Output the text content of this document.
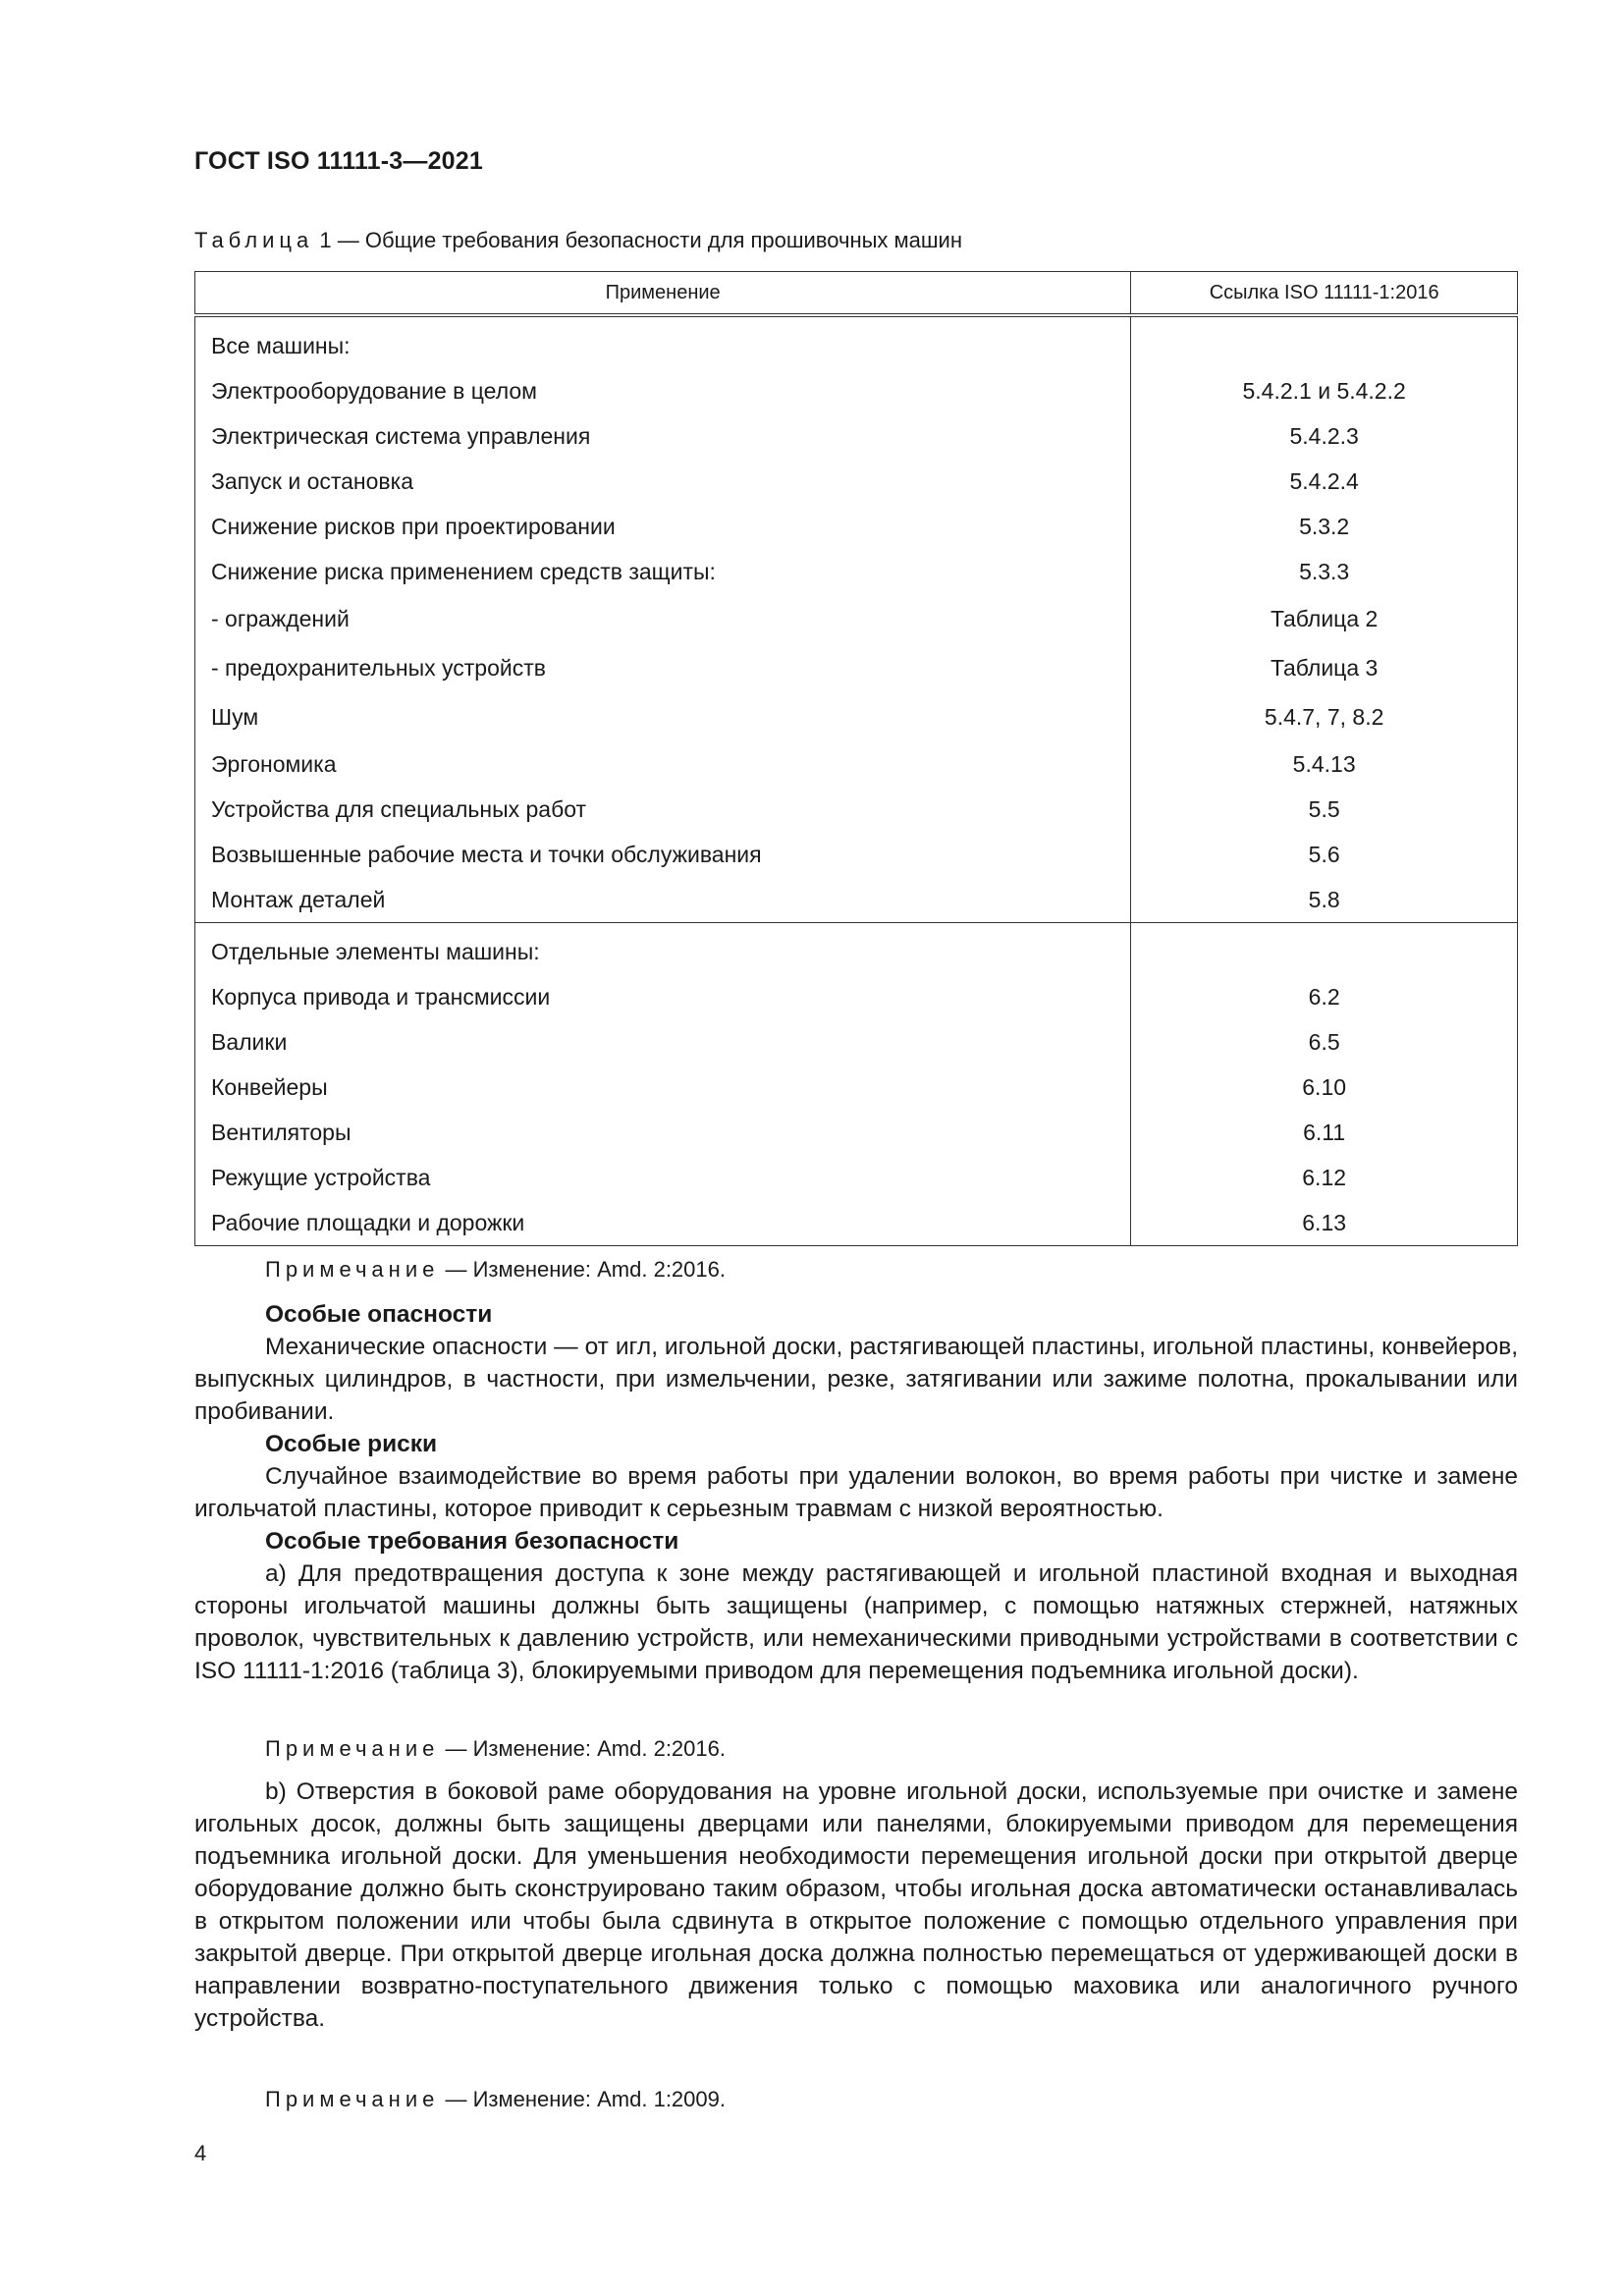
ГОСТ ISO 11111-3—2021
Таблица 1 — Общие требования безопасности для прошивочных машин
Применение	Ссылка ISO 11111-1:2016
Все машины:	
Электрооборудование в целом	5.4.2.1 и 5.4.2.2
Электрическая система управления	5.4.2.3
Запуск и остановка	5.4.2.4
Снижение рисков при проектировании	5.3.2
Снижение риска применением средств защиты:	5.3.3
- ограждений	Таблица 2
- предохранительных устройств	Таблица 3
Шум	5.4.7, 7, 8.2
Эргономика	5.4.13
Устройства для специальных работ	5.5
Возвышенные рабочие места и точки обслуживания	5.6
Монтаж деталей	5.8
Отдельные элементы машины:	
Корпуса привода и трансмиссии	6.2
Валики	6.5
Конвейеры	6.10
Вентиляторы	6.11
Режущие устройства	6.12
Рабочие площадки и дорожки	6.13
Примечание — Изменение: Amd. 2:2016.
Особые опасности

Механические опасности — от игл, игольной доски, растягивающей пластины, игольной пластины, конвейеров, выпускных цилиндров, в частности, при измельчении, резке, затягивании или зажиме полотна, прокалывании или пробивании.

Особые риски

Случайное взаимодействие во время работы при удалении волокон, во время работы при чистке и замене игольчатой пластины, которое приводит к серьезным травмам с низкой вероятностью.

Особые требования безопасности

а) Для предотвращения доступа к зоне между растягивающей и игольной пластиной входная и выходная стороны игольчатой машины должны быть защищены (например, с помощью натяжных стержней, натяжных проволок, чувствительных к давлению устройств, или немеханическими приводными устройствами в соответствии с ISO 11111-1:2016 (таблица 3), блокируемыми приводом для перемещения подъемника игольной доски).

Примечание — Изменение: Amd. 2:2016.

b) Отверстия в боковой раме оборудования на уровне игольной доски, используемые при очистке и замене игольных досок, должны быть защищены дверцами или панелями, блокируемыми приводом для перемещения подъемника игольной доски. Для уменьшения необходимости перемещения игольной доски при открытой дверце оборудование должно быть сконструировано таким образом, чтобы игольная доска автоматически останавливалась в открытом положении или чтобы была сдвинута в открытое положение с помощью отдельного управления при закрытой дверце. При открытой дверце игольная доска должна полностью перемещаться от удерживающей доски в направлении возвратно-поступательного движения только с помощью маховика или аналогичного ручного устройства.

Примечание — Изменение: Amd. 1:2009.
4
